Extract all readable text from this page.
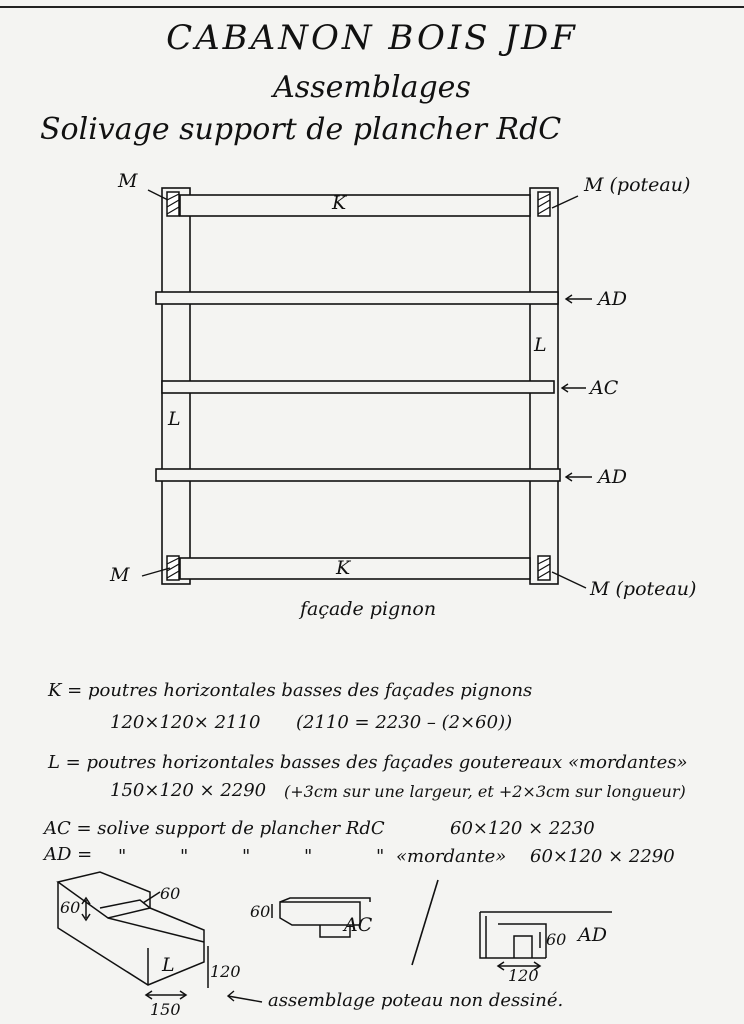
CABANON BOIS JDF
Assemblages
Solivage support de plancher RdC
K
K
L
L
M	M (poteau)
M
M (poteau)
AD
AC
AD
façade pignon
K = poutres horizontales basses des façades pignons
120×120× 2110 (2110 = 2230 – (2×60))
L = poutres horizontales basses des façades goutereaux «mordantes»
150×120 × 2290 (+3cm sur une largeur, et +2×3cm sur longueur)
AC = solive support de plancher RdC	60×120 × 2230
AD = " " " "	" «mordante» 60×120 × 2290
60
60
L 120
150
60
AC	AD
60
120
assemblage poteau non dessiné.
